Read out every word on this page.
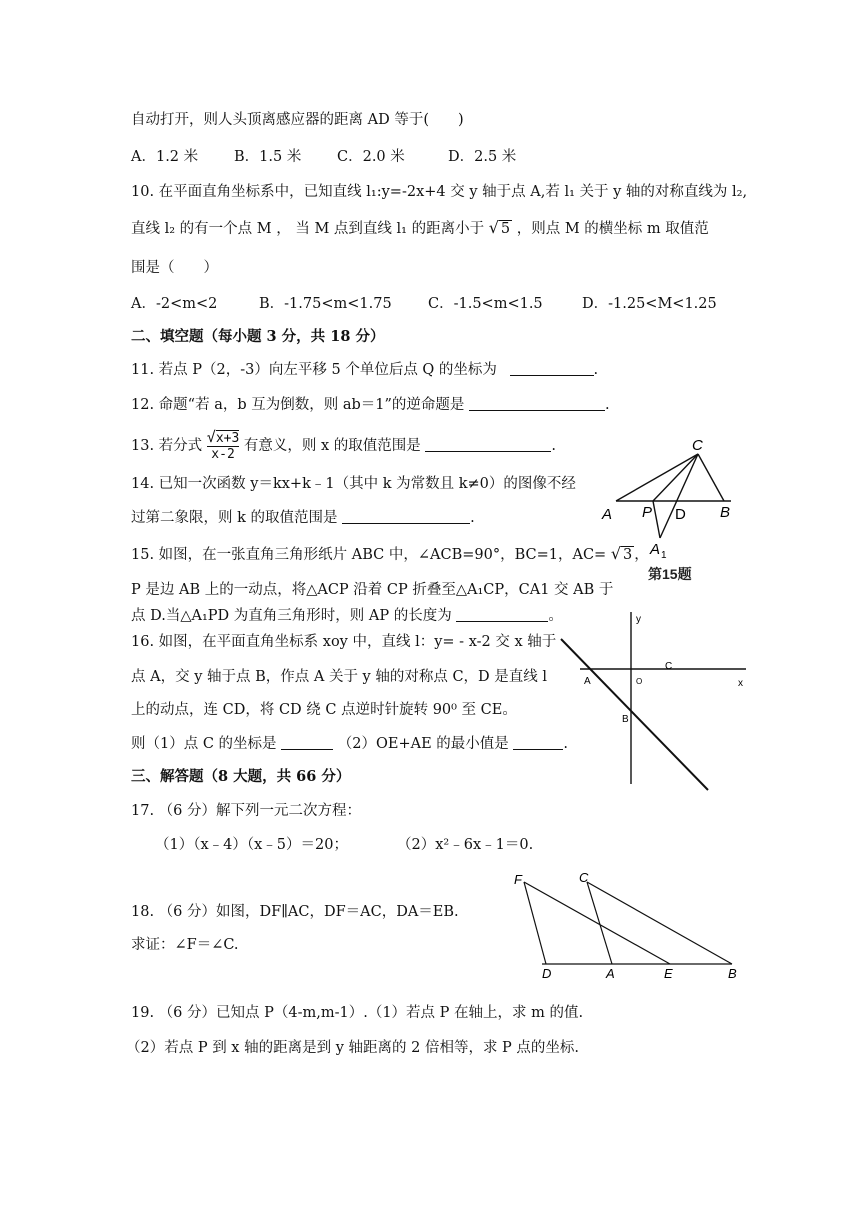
自动打开，则人头顶离感应器的距离 AD 等于(　　)
A．1.2 米 B．1.5 米 C．2.0 米	D．2.5 米
10. 在平面直角坐标系中，已知直线 l₁:y=-2x+4 交 y 轴于点 A,若 l₁ 关于 y 轴的对称直线为 l₂,
直线 l₂ 的有一个点 M ， 当 M 点到直线 l₁ 的距离小于 √ 5 ，则点 M 的横坐标 m 取值范
围是（　　）
A．-2<m<2	B．-1.75<m<1.75	C．-1.5<m<1.5	D．-1.25<M<1.25
二、填空题（每小题 3 分，共 18 分）
11. 若点 P（2，-3）向左平移 5 个单位后点 Q 的坐标为	.
12. 命题“若 a，b 互为倒数，则 ab＝1”的逆命题是	.
13. 若分式 $\frac{√x+3}{x-2}$ 有意义，则 x 的取值范围是	.
14. 已知一次函数 y＝kx+k﹣1（其中 k 为常数且 k≠0）的图像不经
过第二象限，则 k 的取值范围是	.
15. 如图，在一张直角三角形纸片 ABC 中，∠ACB=90°，BC=1，AC= √ 3 ，
P 是边 AB 上的一动点，将△ACP 沿着 CP 折叠至△A₁CP，CA1 交 AB 于
点 D.当△A₁PD 为直角三角形时，则 AP 的长度为	。
16. 如图，在平面直角坐标系 xoy 中，直线 l：y= - x-2 交 x 轴于
点 A，交 y 轴于点 B，作点 A 关于 y 轴的对称点 C，D 是直线 l
上的动点，连 CD，将 CD 绕 C 点逆时针旋转 90⁰ 至 CE。
则（1）点 C 的坐标是	（2）OE+AE 的最小值是	.
三、解答题（8 大题，共 66 分）
17. （6 分）解下列一元二次方程：
（1）（x﹣4）（x﹣5）＝20；	（2）x²﹣6x﹣1＝0.
18. （6 分）如图，DF∥AC，DF＝AC，DA＝EB.
求证：∠F＝∠C.
19. （6 分）已知点 P（4-m,m-1）.（1）若点 P 在轴上，求 m 的值.
（2）若点 P 到 x 轴的距离是到 y 轴距离的 2 倍相等，求 P 点的坐标.
C
A P D B
A 1
第15题
y
x
A	O
C
B
F	C
D	A	E	B
